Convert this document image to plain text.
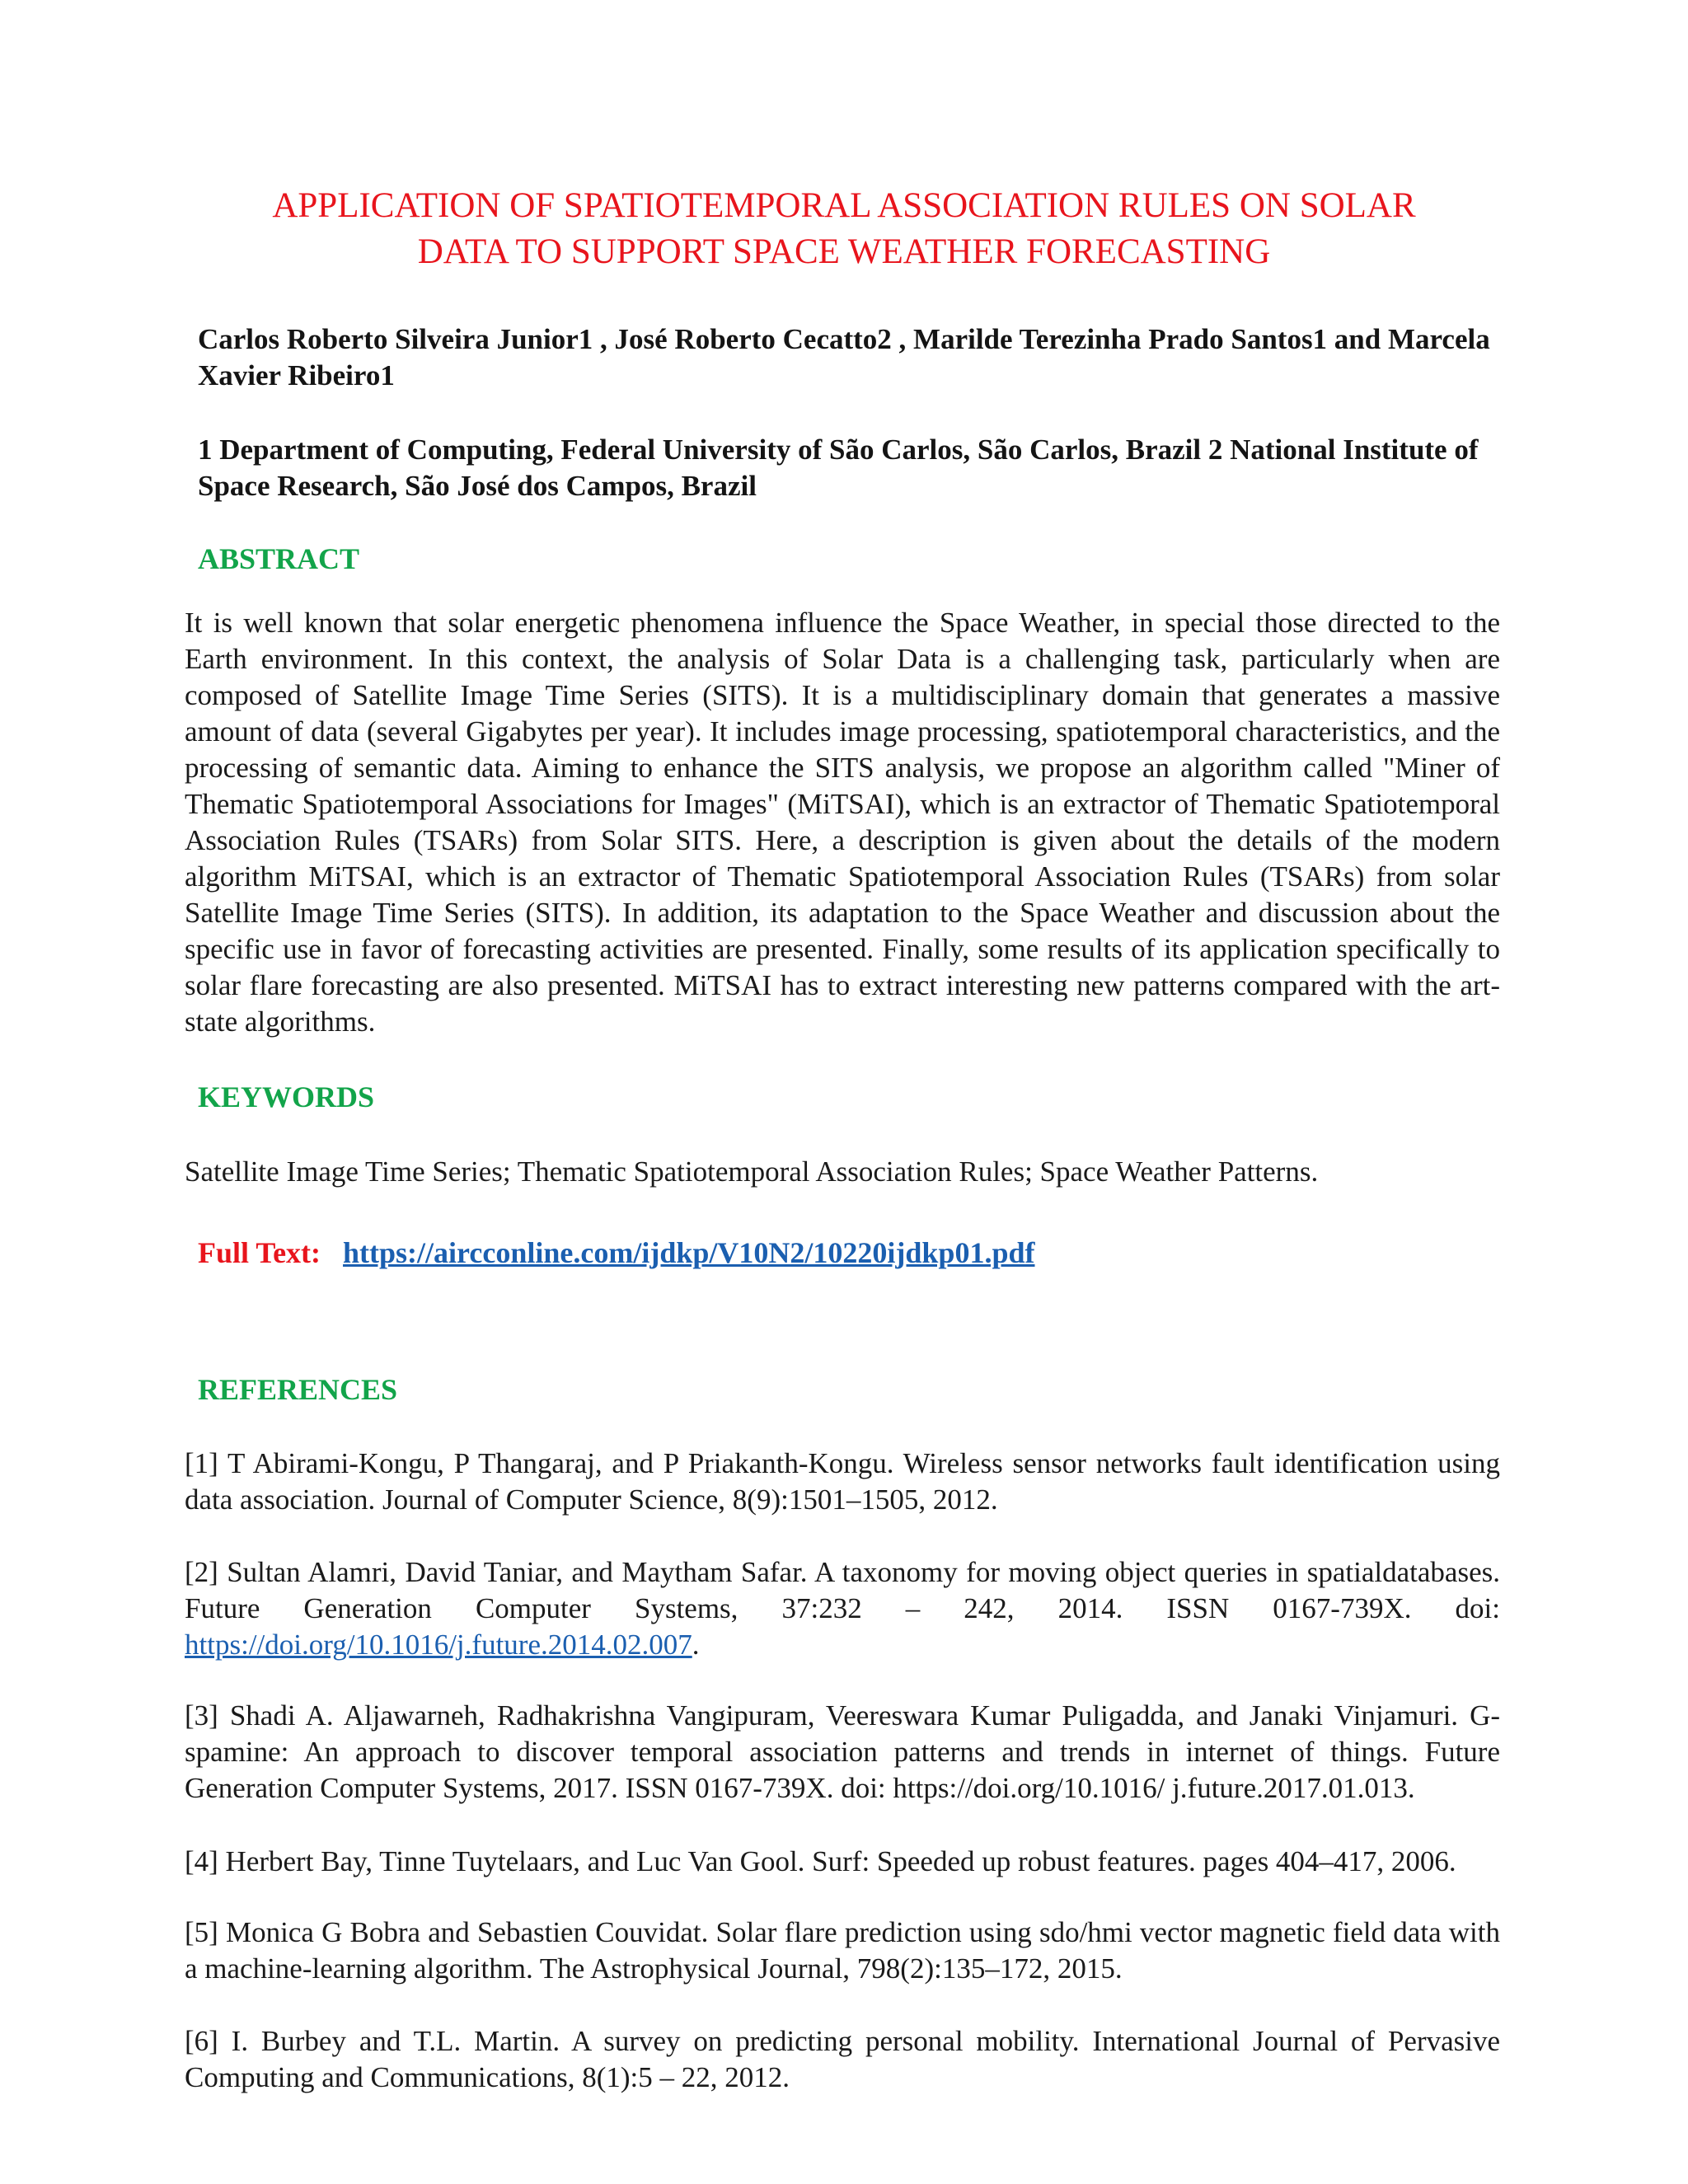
APPLICATION OF SPATIOTEMPORAL ASSOCIATION RULES ON SOLAR
DATA TO SUPPORT SPACE WEATHER FORECASTING

Carlos Roberto Silveira Junior1 , José Roberto Cecatto2 , Marilde Terezinha Prado Santos1 and Marcela Xavier Ribeiro1

1 Department of Computing, Federal University of São Carlos, São Carlos, Brazil 2 National Institute of Space Research, São José dos Campos, Brazil

ABSTRACT

It is well known that solar energetic phenomena influence the Space Weather, in special those directed to the Earth environment. In this context, the analysis of Solar Data is a challenging task, particularly when are composed of Satellite Image Time Series (SITS). It is a multidisciplinary domain that generates a massive amount of data (several Gigabytes per year). It includes image processing, spatiotemporal characteristics, and the processing of semantic data. Aiming to enhance the SITS analysis, we propose an algorithm called "Miner of Thematic Spatiotemporal Associations for Images" (MiTSAI), which is an extractor of Thematic Spatiotemporal Association Rules (TSARs) from Solar SITS. Here, a description is given about the details of the modern algorithm MiTSAI, which is an extractor of Thematic Spatiotemporal Association Rules (TSARs) from solar Satellite Image Time Series (SITS). In addition, its adaptation to the Space Weather and discussion about the specific use in favor of forecasting activities are presented. Finally, some results of its application specifically to solar flare forecasting are also presented. MiTSAI has to extract interesting new patterns compared with the art-state algorithms.

KEYWORDS

Satellite Image Time Series; Thematic Spatiotemporal Association Rules; Space Weather Patterns.

Full Text: https://aircconline.com/ijdkp/V10N2/10220ijdkp01.pdf

REFERENCES

[1] T Abirami-Kongu, P Thangaraj, and P Priakanth-Kongu. Wireless sensor networks fault identification using data association. Journal of Computer Science, 8(9):1501–1505, 2012.

[2] Sultan Alamri, David Taniar, and Maytham Safar. A taxonomy for moving object queries in spatialdatabases. Future Generation Computer Systems, 37:232 – 242, 2014. ISSN 0167-739X. doi: https://doi.org/10.1016/j.future.2014.02.007.

[3] Shadi A. Aljawarneh, Radhakrishna Vangipuram, Veereswara Kumar Puligadda, and Janaki Vinjamuri. G-spamine: An approach to discover temporal association patterns and trends in internet of things. Future Generation Computer Systems, 2017. ISSN 0167-739X. doi: https://doi.org/10.1016/ j.future.2017.01.013.

[4] Herbert Bay, Tinne Tuytelaars, and Luc Van Gool. Surf: Speeded up robust features. pages 404–417, 2006.

[5] Monica G Bobra and Sebastien Couvidat. Solar flare prediction using sdo/hmi vector magnetic field data with a machine-learning algorithm. The Astrophysical Journal, 798(2):135–172, 2015.

[6] I. Burbey and T.L. Martin. A survey on predicting personal mobility. International Journal of Pervasive Computing and Communications, 8(1):5 – 22, 2012.
